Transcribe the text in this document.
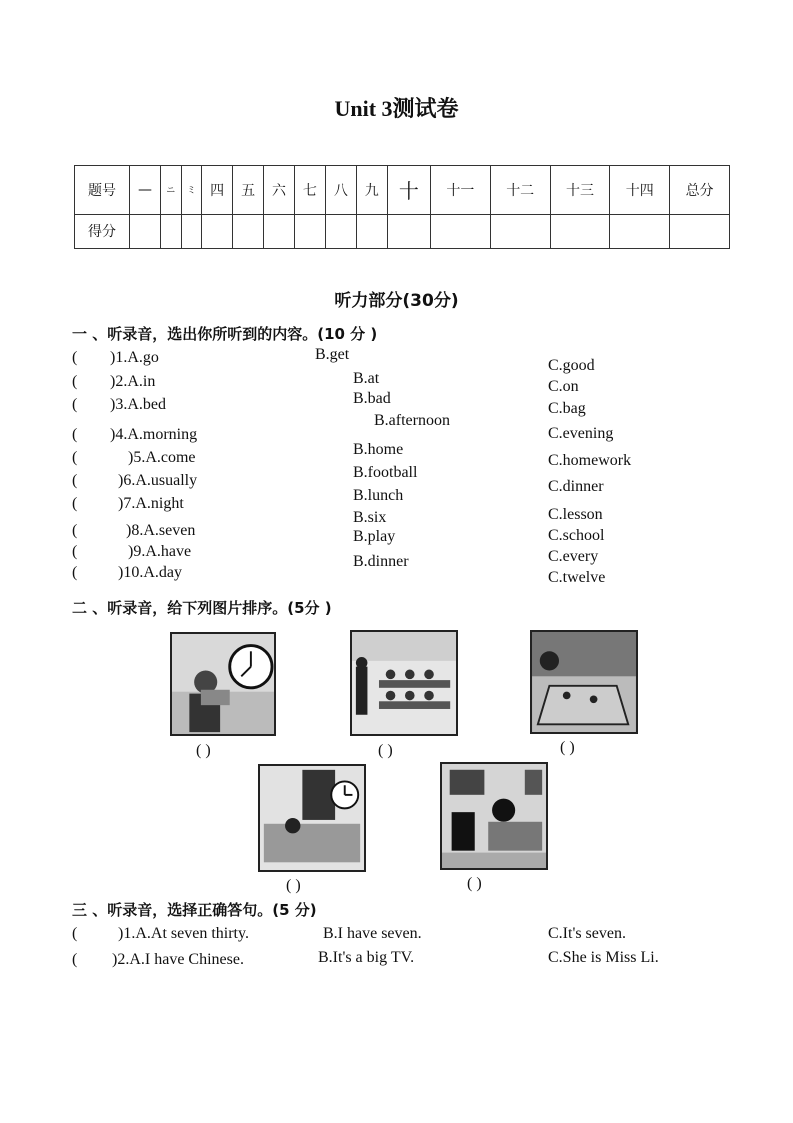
Unit 3测试卷
题号	—	ニ	ミ	四	五	六	七	八	九	十	十一	十二	十三	十四	总分
得分															
听力部分(30分)
一 、听录音，选出你所听到的内容。(10 分 )
( )1.A.go	B.get
C.good
( )2.A.in	B.at	C.on
( )3.A.bed	B.bad
C.bag
( )4.A.morning
B.afternoon
C.evening
(	)5.A.come	B.home
C.homework
(	)6.A.usually	B.football
C.dinner
(	)7.A.night	B.lunch
C.lesson
(	)8.A.seven
B.six
C.school
(	)9.A.have
B.play
C.every
(	)10.A.day
B.dinner
C.twelve
二 、听录音，给下列图片排序。(5分 )
( )	( )	( )
( )	( )
三 、听录音，选择正确答句。(5 分)
(	)1.A.At seven thirty.	B.I have seven.	C.It's seven.
( )2.A.I have Chinese.	B.It's a big TV.	C.She is Miss Li.
